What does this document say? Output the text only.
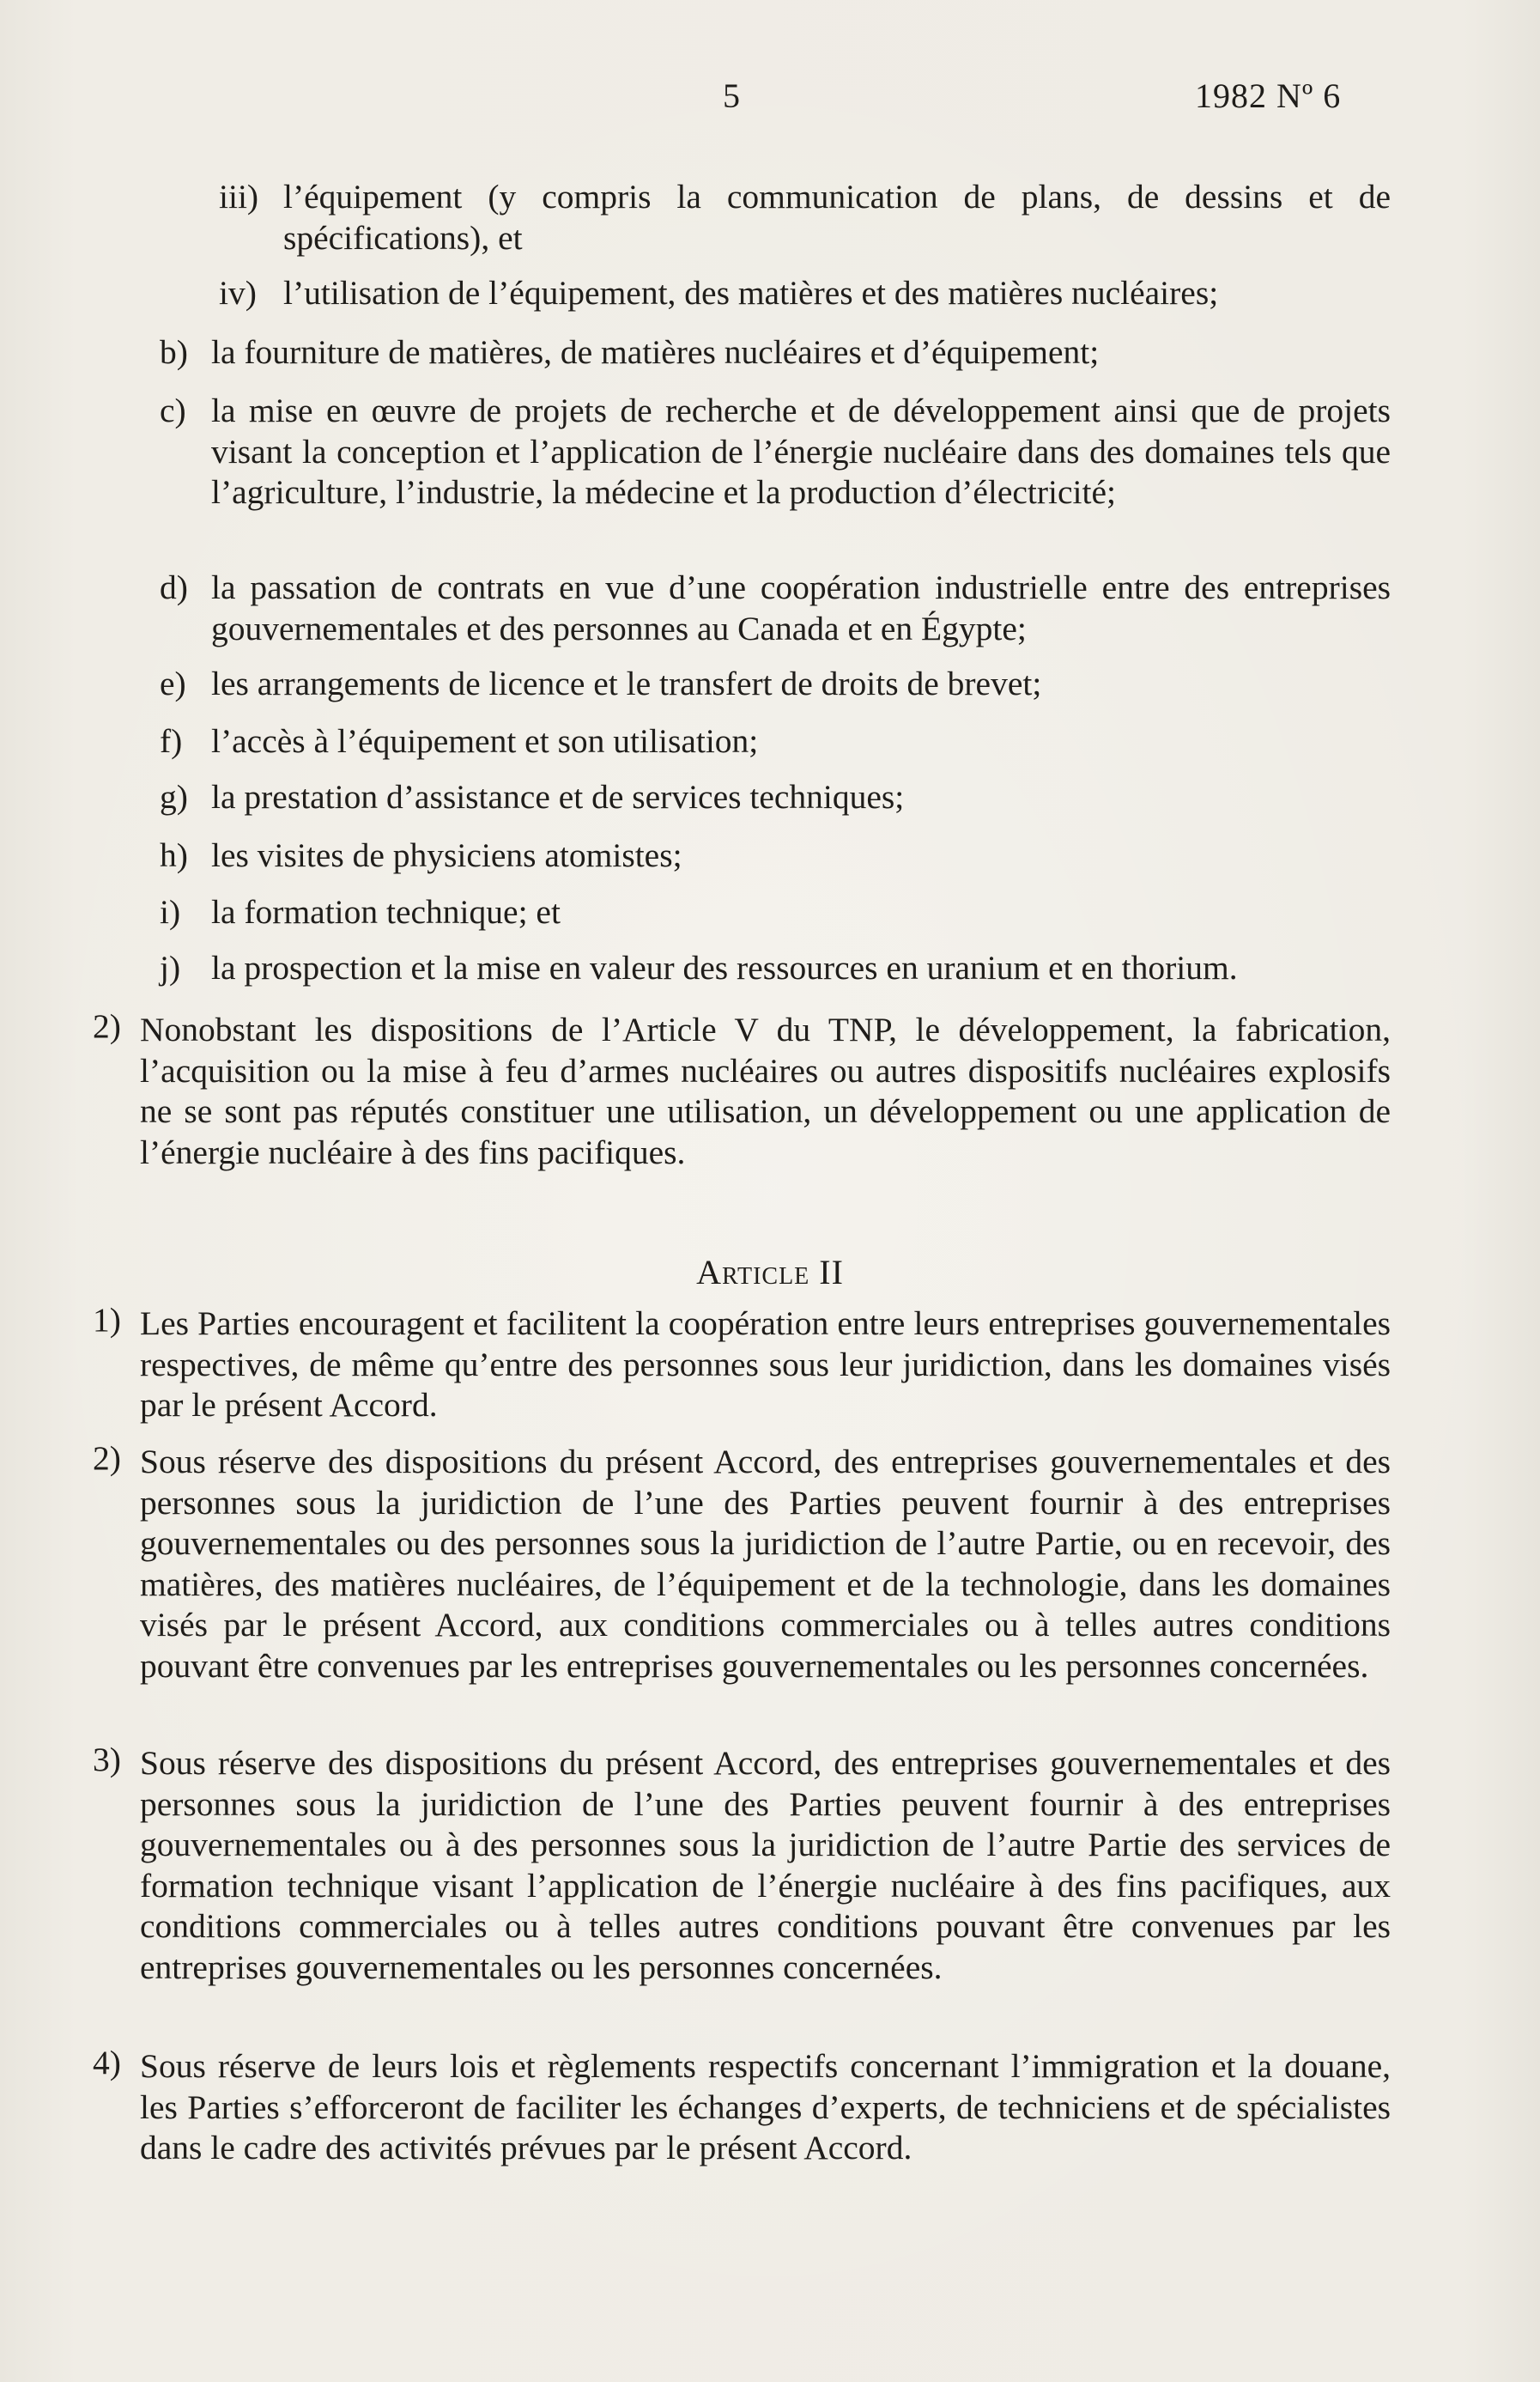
5	1982 Nº 6
iii) l’équipement (y compris la communication de plans, de dessins et de spécifications), et
iv) l’utilisation de l’équipement, des matières et des matières nucléaires;
b) la fourniture de matières, de matières nucléaires et d’équipement;
c) la mise en œuvre de projets de recherche et de développement ainsi que de projets visant la conception et l’application de l’énergie nucléaire dans des domaines tels que l’agriculture, l’industrie, la médecine et la production d’électricité;
d) la passation de contrats en vue d’une coopération industrielle entre des entreprises gouvernementales et des personnes au Canada et en Égypte;
e) les arrangements de licence et le transfert de droits de brevet;
f) l’accès à l’équipement et son utilisation;
g) la prestation d’assistance et de services techniques;
h) les visites de physiciens atomistes;
i) la formation technique; et
j) la prospection et la mise en valeur des ressources en uranium et en thorium.
2) Nonobstant les dispositions de l’Article V du TNP, le développement, la fabrication, l’acquisition ou la mise à feu d’armes nucléaires ou autres dispositifs nucléaires explosifs ne se sont pas réputés constituer une utilisation, un développement ou une application de l’énergie nucléaire à des fins pacifiques.
Article II
1) Les Parties encouragent et facilitent la coopération entre leurs entreprises gouvernementales respectives, de même qu’entre des personnes sous leur juridiction, dans les domaines visés par le présent Accord.
2) Sous réserve des dispositions du présent Accord, des entreprises gouvernementales et des personnes sous la juridiction de l’une des Parties peuvent fournir à des entreprises gouvernementales ou des personnes sous la juridiction de l’autre Partie, ou en recevoir, des matières, des matières nucléaires, de l’équipement et de la technologie, dans les domaines visés par le présent Accord, aux conditions commerciales ou à telles autres conditions pouvant être convenues par les entreprises gouvernementales ou les personnes concernées.
3) Sous réserve des dispositions du présent Accord, des entreprises gouvernementales et des personnes sous la juridiction de l’une des Parties peuvent fournir à des entreprises gouvernementales ou à des personnes sous la juridiction de l’autre Partie des services de formation technique visant l’application de l’énergie nucléaire à des fins pacifiques, aux conditions commerciales ou à telles autres conditions pouvant être convenues par les entreprises gouvernementales ou les personnes concernées.
4) Sous réserve de leurs lois et règlements respectifs concernant l’immigration et la douane, les Parties s’efforceront de faciliter les échanges d’experts, de techniciens et de spécialistes dans le cadre des activités prévues par le présent Accord.
